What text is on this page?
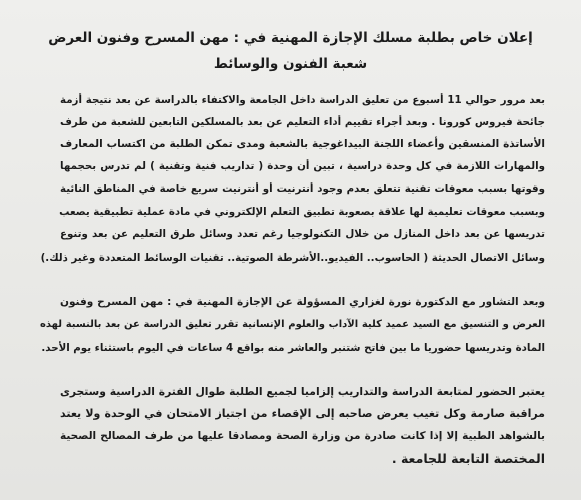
إعلان خاص بطلبة مسلك الإجازة المهنية في : مهن المسرح وفنون العرض
شعبة الفنون والوسائط
بعد مرور حوالي 11 أسبوع من تعليق الدراسة داخل الجامعة والاكتفاء بالدراسة عن بعد نتيجة أزمة
جائحة فيروس كورونا . وبعد أجراء تقييم أداء التعليم عن بعد بالمسلكين التابعين للشعبة من طرف
الأساتذة المنسقين وأعضاء اللجنة البيداغوجية بالشعبة ومدى تمكن الطلبة من اكتساب المعارف
والمهارات اللازمة في كل وحدة دراسية ، تبين أن وحدة ( تداريب فنية وتقنية ) لم تدرس بحجمها
وقوتها بسبب معوقات تقنية تتعلق بعدم وجود أنترنيت أو أنترنيت سريع خاصة في المناطق النائية
وبسبب معوقات تعليمية لها علاقة بصعوبة تطبيق التعلم الإلكتروني في مادة عملية تطبيقية يصعب
تدريسها عن بعد داخل المنازل من خلال التكنولوجيا رغم تعدد وسائل طرق التعليم عن بعد وتنوع
وسائل الاتصال الحديثة ( الحاسوب.. الفيديو..الأشرطة الصوتية.. تقنيات الوسائط المتعددة وغير ذلك.)
وبعد التشاور مع الدكتورة نورة لغزاري المسؤولة عن الإجازة المهنية في : مهن المسرح وفنون
العرض و التنسيق مع السيد عميد كلية الآداب والعلوم الإنسانية تقرر تعليق الدراسة عن بعد بالنسبة لهذه
المادة وتدريسها حضوريا ما بين فاتح شتنبر والعاشر منه بواقع 4 ساعات في اليوم باستثناء يوم الأحد.
يعتبر الحضور لمتابعة الدراسة والتداريب إلزاميا لجميع الطلبة طوال الفترة الدراسية وستجرى
مراقبة صارمة وكل تغيب يعرض صاحبه إلى الإقصاء من اجتياز الامتحان في الوحدة ولا يعتد
بالشواهد الطبية إلا إذا كانت صادرة من وزارة الصحة ومصادقا عليها من طرف المصالح الصحية
المختصة التابعة للجامعة .
